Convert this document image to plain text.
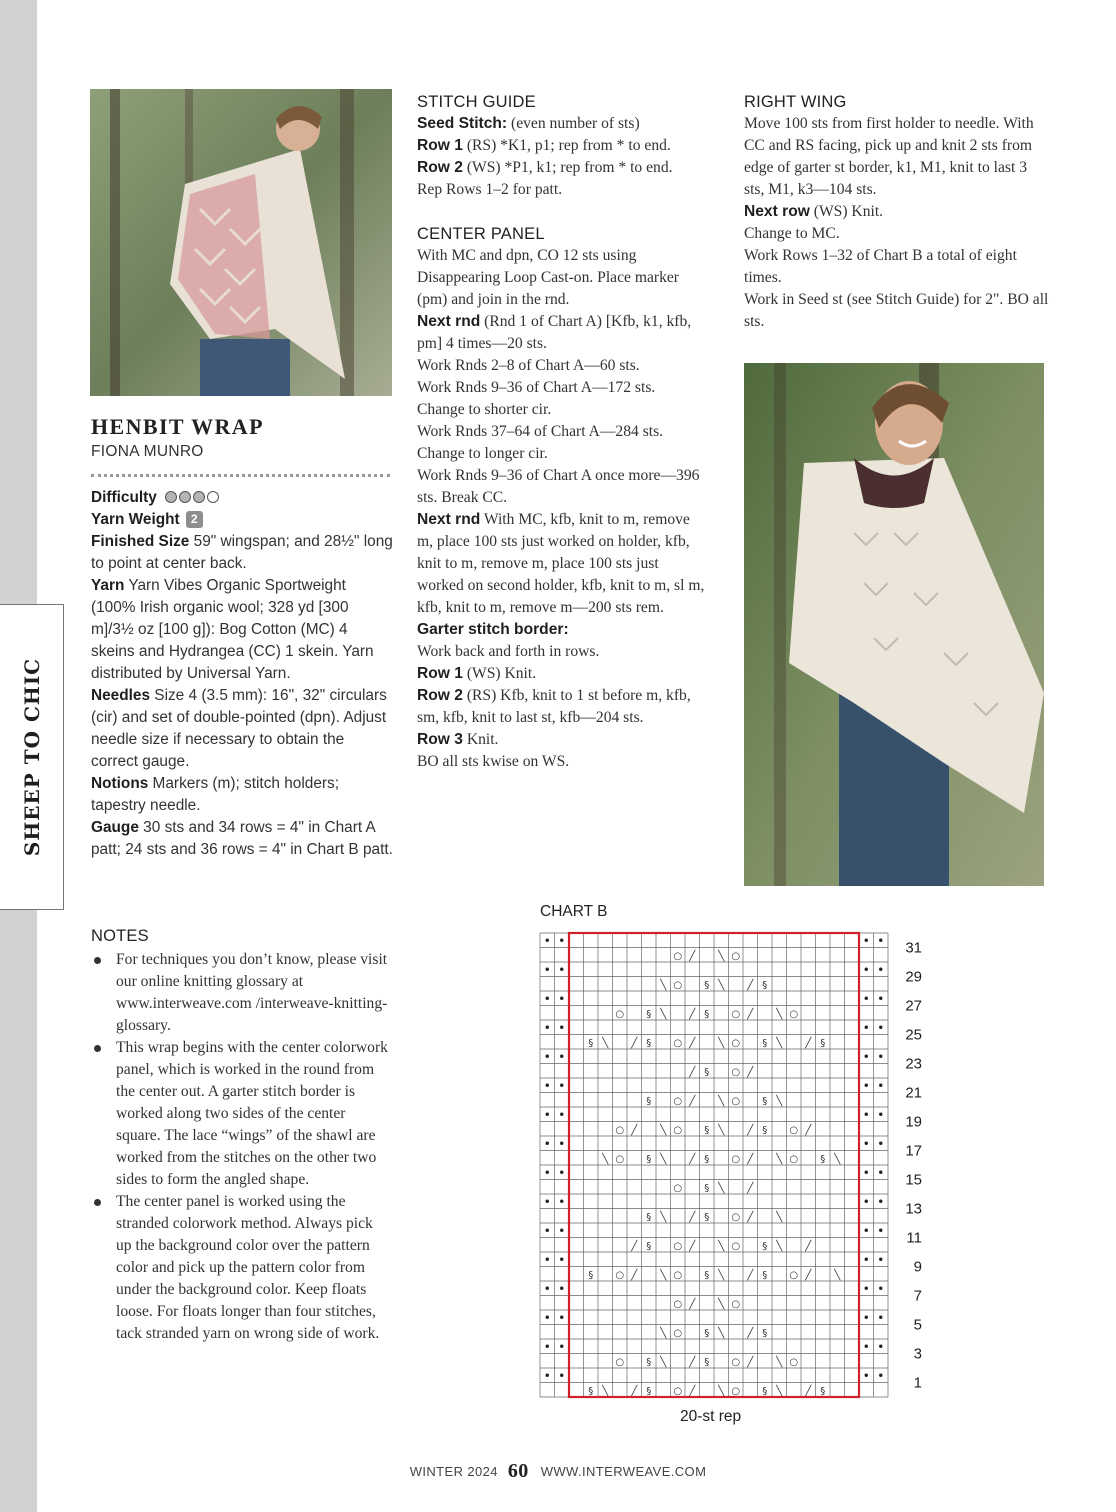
SHEEP TO CHIC
HENBIT WRAP
FIONA MUNRO

Difficulty

Yarn Weight 2

Finished Size 59" wingspan; and 28½" long to point at center back.

Yarn Yarn Vibes Organic Sportweight (100% Irish organic wool; 328 yd [300 m]/3½ oz [100 g]): Bog Cotton (MC) 4 skeins and Hydrangea (CC) 1 skein. Yarn distributed by Universal Yarn.

Needles Size 4 (3.5 mm): 16", 32" circulars (cir) and set of double-pointed (dpn). Adjust needle size if necessary to obtain the correct gauge.

Notions Markers (m); stitch holders; tapestry needle.

Gauge 30 sts and 34 rows = 4" in Chart A patt; 24 sts and 36 rows = 4" in Chart B patt.

NOTES
For techniques you don’t know, please visit our online knitting glossary at www.interweave.com /interweave-knitting-glossary.
This wrap begins with the center colorwork panel, which is worked in the round from the center out. A garter stitch border is worked along two sides of the center square. The lace “wings” of the shawl are worked from the stitches on the other two sides to form the angled shape.
The center panel is worked using the stranded colorwork method. Always pick up the background color over the pattern color and pick up the pattern color from under the background color. Keep floats loose. For floats longer than four stitches, tack stranded yarn on wrong side of work.

STITCH GUIDE

Seed Stitch: (even number of sts)

Row 1 (RS) *K1, p1; rep from * to end.

Row 2 (WS) *P1, k1; rep from * to end.

Rep Rows 1–2 for patt.

CENTER PANEL

With MC and dpn, CO 12 sts using Disappearing Loop Cast-on. Place marker (pm) and join in the rnd.

Next rnd (Rnd 1 of Chart A) [Kfb, k1, kfb, pm] 4 times—20 sts.

Work Rnds 2–8 of Chart A—60 sts.

Work Rnds 9–36 of Chart A—172 sts.

Change to shorter cir.

Work Rnds 37–64 of Chart A—284 sts.

Change to longer cir.

Work Rnds 9–36 of Chart A once more—396 sts. Break CC.

Next rnd With MC, kfb, knit to m, remove m, place 100 sts just worked on holder, kfb, knit to m, remove m, place 100 sts just worked on second holder, kfb, knit to m, sl m, kfb, knit to m, remove m—200 sts rem.

Garter stitch border:

Work back and forth in rows.

Row 1 (WS) Knit.

Row 2 (RS) Kfb, knit to 1 st before m, kfb, sm, kfb, knit to last st, kfb—204 sts.

Row 3 Knit.

BO all sts kwise on WS.

RIGHT WING

Move 100 sts from first holder to needle. With CC and RS facing, pick up and knit 2 sts from edge of garter st border, k1, M1, knit to last 3 sts, M1, k3—104 sts.

Next row (WS) Knit.

Change to MC.

Work Rows 1–32 of Chart B a total of eight times.

Work in Seed st (see Stitch Guide) for 2". BO all sts.

CHART B
○ ╱ ╲ ○
╲ ○ § ╲ ╱ §
○ § ╲ ╱ § ○ ╱ ╲ ○
§ ╲ ╱ § ○ ╱ ╲ ○ § ╲ ╱ §
╱ § ○ ╱
§ ○ ╱ ╲ ○ § ╲
○ ╱ ╲ ○ § ╲ ╱ § ○ ╱
╲ ○ § ╲ ╱ § ○ ╱ ╲ ○ § ╲
○ § ╲ ╱
§ ╲ ╱ § ○ ╱ ╲
╱ § ○ ╱ ╲ ○ § ╲ ╱
§ ○ ╱ ╲ ○ § ╲ ╱ § ○ ╱ ╲
○ ╱ ╲ ○
╲ ○ § ╲ ╱ §
○ § ╲ ╱ § ○ ╱ ╲ ○
§ ╲ ╱ § ○ ╱ ╲ ○ § ╲ ╱ §
31
29
27
25
23
21
19
17
15
13
11
9
7
5
3
1
20-st rep
WINTER 2024 60 WWW.INTERWEAVE.COM
